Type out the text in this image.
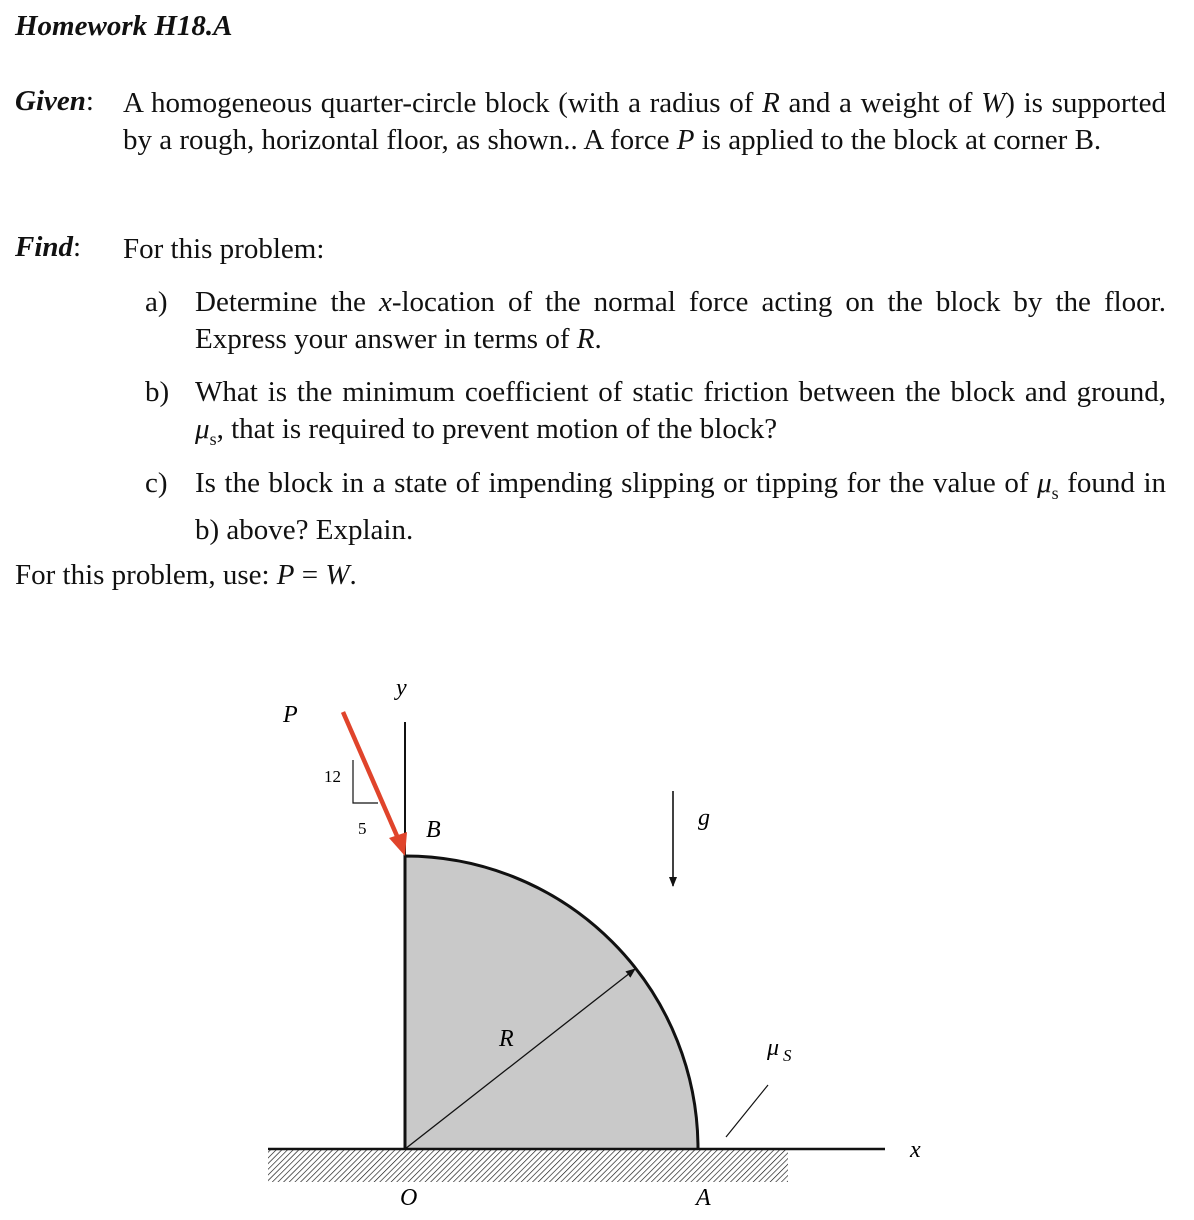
Homework H18.A
Given: A homogeneous quarter-circle block (with a radius of R and a weight of W) is supported by a rough, horizontal floor, as shown.. A force P is applied to the block at corner B.
Find: For this problem:
a) Determine the x-location of the normal force acting on the block by the floor. Express your answer in terms of R.
b) What is the minimum coefficient of static friction between the block and ground, $\mu_s$, that is required to prevent motion of the block?
c) Is the block in a state of impending slipping or tipping for the value of $\mu_s$ found in b) above? Explain.
For this problem, use: P = W.
P
12
5
y
B	g
R	μ S
x
O	A
